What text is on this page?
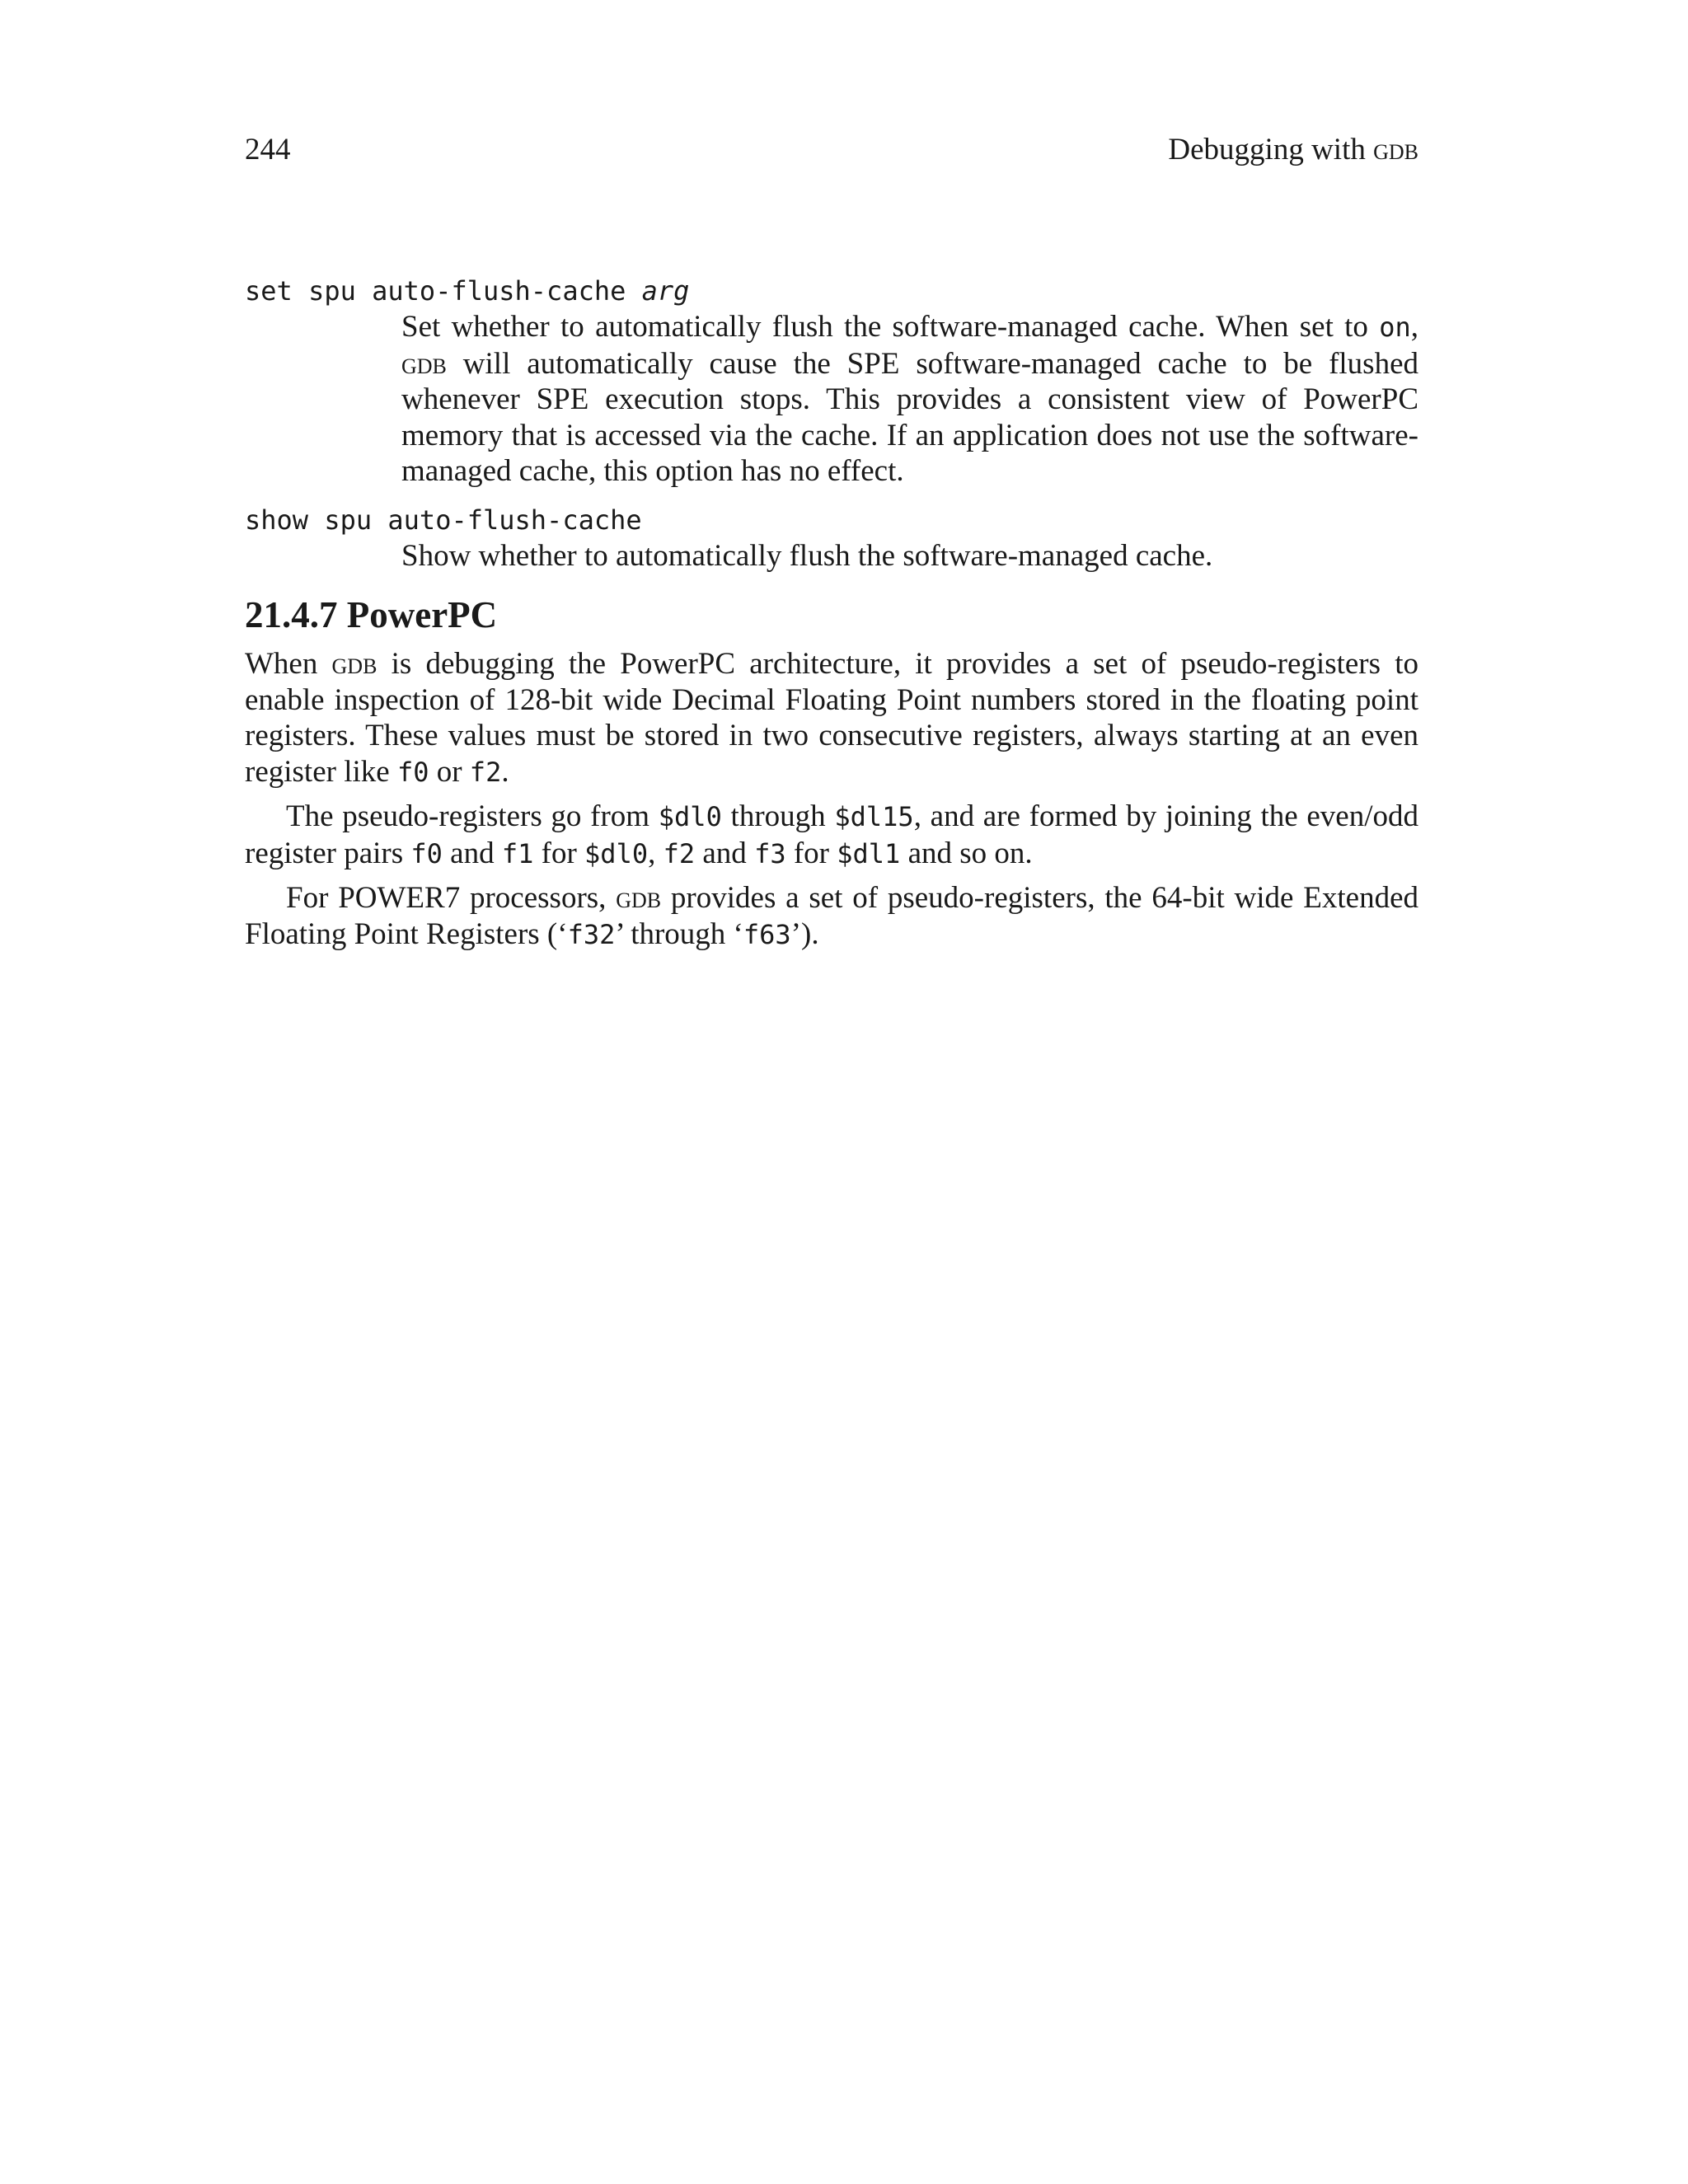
244	Debugging with gdb

set spu auto-flush-cache arg

Set whether to automatically flush the software-managed cache. When set to on, gdb will automatically cause the SPE software-managed cache to be flushed whenever SPE execution stops. This provides a consistent view of PowerPC memory that is accessed via the cache. If an application does not use the software-managed cache, this option has no effect.

show spu auto-flush-cache

Show whether to automatically flush the software-managed cache.

21.4.7 PowerPC

When gdb is debugging the PowerPC architecture, it provides a set of pseudo-registers to enable inspection of 128-bit wide Decimal Floating Point numbers stored in the floating point registers. These values must be stored in two consecutive registers, always starting at an even register like f0 or f2.

The pseudo-registers go from $dl0 through $dl15, and are formed by joining the even/odd register pairs f0 and f1 for $dl0, f2 and f3 for $dl1 and so on.

For POWER7 processors, gdb provides a set of pseudo-registers, the 64-bit wide Extended Floating Point Registers (‘f32’ through ‘f63’).
